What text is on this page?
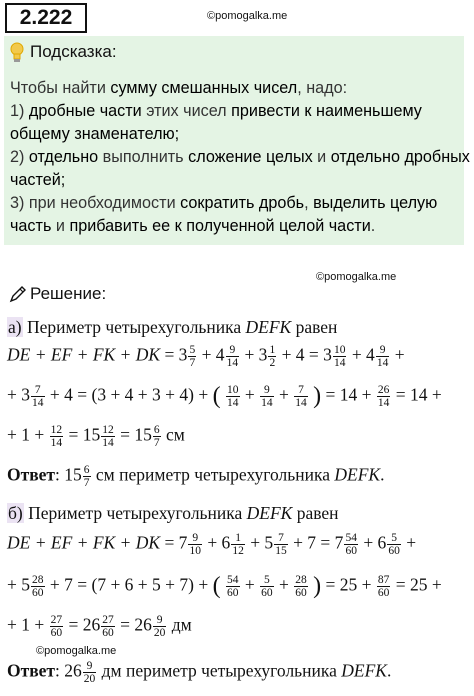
2.222	©pomogalka.me
Подсказка:
Чтобы найти сумму смешанных чисел, надо:
1) дробные части этих чисел привести к наименьшему
общему знаменателю;
2) отдельно выполнить сложение целых и отдельно дробных
частей;
3) при необходимости сократить дробь, выделить целую
часть и прибавить ее к полученной целой части.
©pomogalka.me
Решение:
а) Периметр четырехугольника DEFK равен
DE + EF + FK + DK = $3 \frac{5}{7} + 4 \frac{9}{14} + 3 \frac{1}{2} + 4 = 3 \frac{10}{14} + 4 \frac{9}{14}$ +
+ $3 \frac{7}{14} + 4 = (3 + 4 + 3 + 4)$ + ( $\frac{10}{14} + \frac{9}{14} + \frac{7}{14}$ ) = $14 + \frac{26}{14} = 14$ +
+ $1 + \frac{12}{14} = 15 \frac{12}{14} = 15 \frac{6}{7}$ см
Ответ: $15 \frac{6}{7}$ см периметр четырехугольника DEFK.
б) Периметр четырехугольника DEFK равен
DE + EF + FK + DK = $7 \frac{9}{10} + 6 \frac{1}{12} + 5 \frac{7}{15} + 7 = 7 \frac{54}{60} + 6 \frac{5}{60}$ +
+ $5 \frac{28}{60} + 7 = (7 + 6 + 5 + 7)$ + ( $\frac{54}{60} + \frac{5}{60} + \frac{28}{60}$ ) = $25 + \frac{87}{60} = 25$ +
+ $1 + \frac{27}{60} = 26 \frac{27}{60} = 26 \frac{9}{20}$ дм
©pomogalka.me
Ответ: $26 \frac{9}{20}$ дм периметр четырехугольника DEFK.
